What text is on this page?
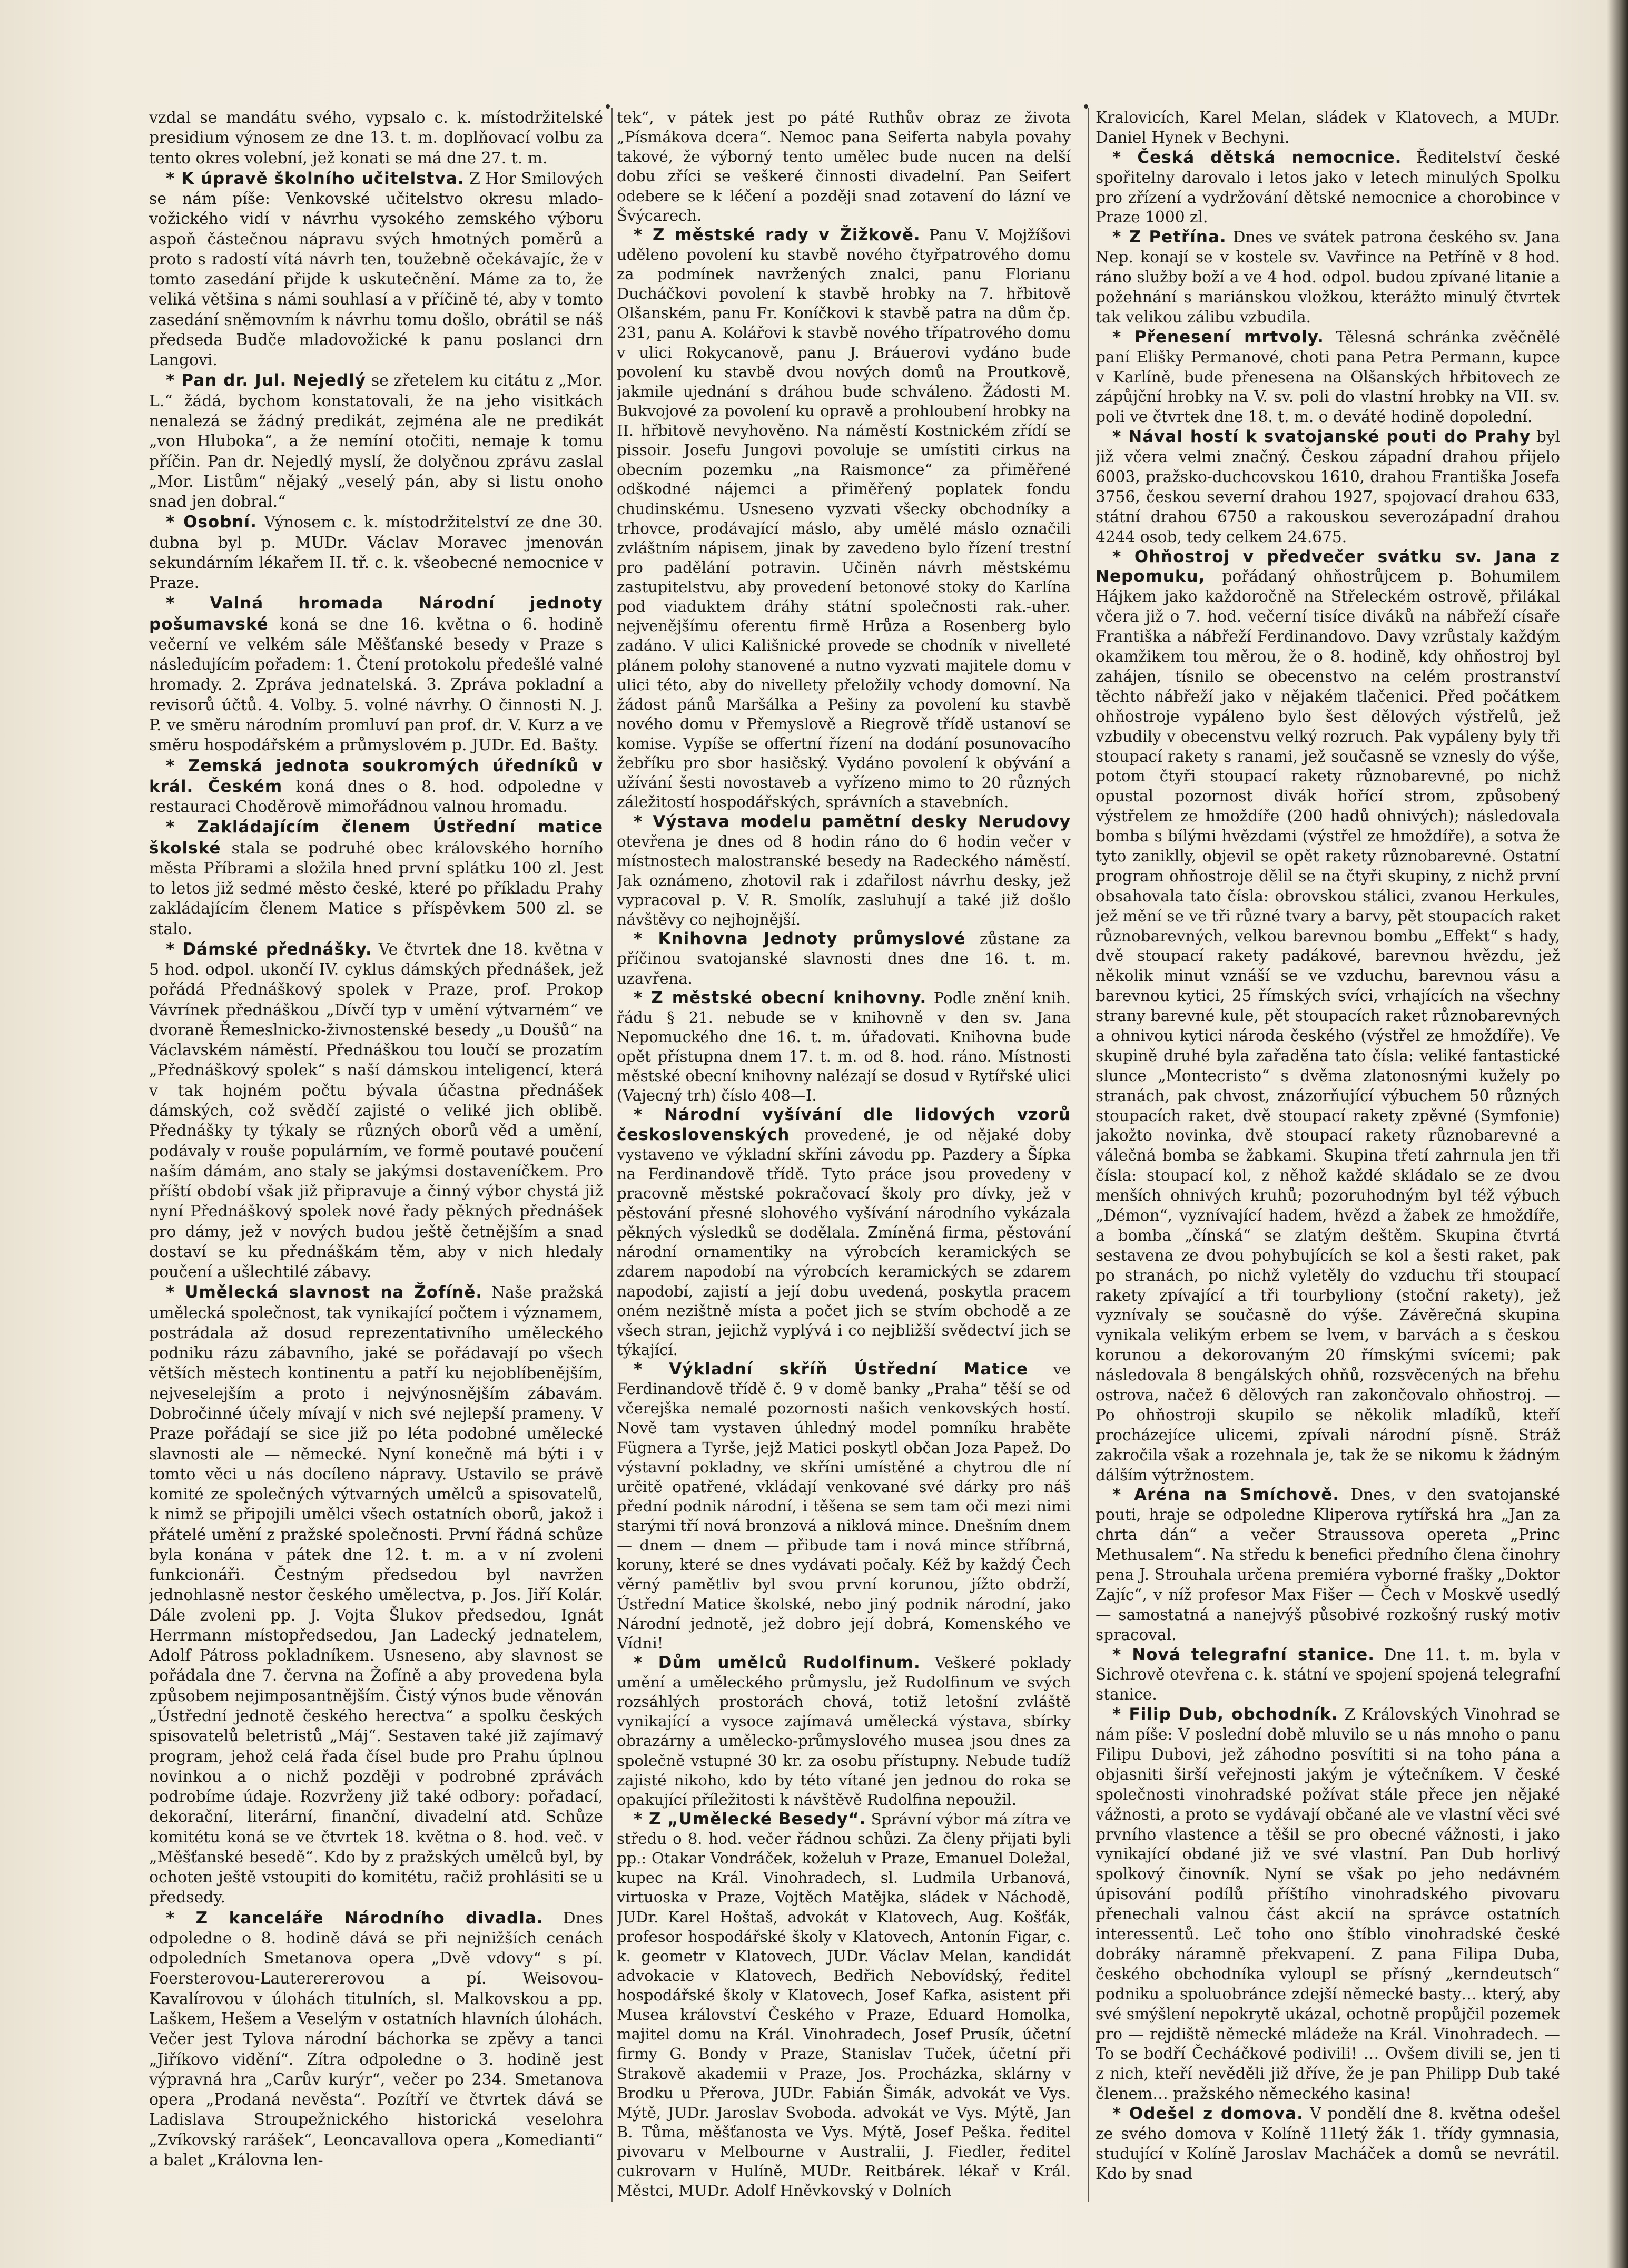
vzdal se mandátu svého, vypsalo c. k. místodržitelské presidium výnosem ze dne 13. t. m. doplňovací volbu za tento okres volební, jež konati se má dne 27. t. m.

* K úpravě školního učitelstva. Z Hor Smilových se nám píše: Venkovské učitelstvo okresu mlado-vožického vidí v návrhu vysokého zemského výboru aspoň částečnou nápravu svých hmotných poměrů a proto s radostí vítá návrh ten, toužebně očekávajíc, že v tomto zasedání přijde k uskutečnění. Máme za to, že veliká většina s námi souhlasí a v příčině té, aby v tomto zasedání sněmovním k návrhu tomu došlo, obrátil se náš předseda Budče mladovožické k panu poslanci drn Langovi.

* Pan dr. Jul. Nejedlý se zřetelem ku citátu z „Mor. L.“ žádá, bychom konstatovali, že na jeho visitkách nenalezá se žádný predikát, zejména ale ne predikát „von Hluboka“, a že nemíní otočiti, nemaje k tomu příčin. Pan dr. Nejedlý myslí, že dolyčnou zprávu zaslal „Mor. Listům“ nějaký „veselý pán, aby si listu onoho snad jen dobral.“

* Osobní. Výnosem c. k. místodržitelství ze dne 30. dubna byl p. MUDr. Václav Moravec jmenován sekundárním lékařem II. tř. c. k. všeobecné nemocnice v Praze.

* Valná hromada Národní jednoty pošumavské koná se dne 16. května o 6. hodině večerní ve velkém sále Měšťanské besedy v Praze s následujícím pořadem: 1. Čtení protokolu předešlé valné hromady. 2. Zpráva jednatelská. 3. Zpráva pokladní a revisorů účtů. 4. Volby. 5. volné návrhy. O činnosti N. J. P. ve směru národním promluví pan prof. dr. V. Kurz a ve směru hospodářském a průmyslovém p. JUDr. Ed. Bašty.

* Zemská jednota soukromých úředníků v král. Českém koná dnes o 8. hod. odpoledne v restauraci Choděrově mimořádnou valnou hromadu.

* Zakládajícím členem Ústřední matice školské stala se podruhé obec královského horního města Příbrami a složila hned první splátku 100 zl. Jest to letos již sedmé město české, které po příkladu Prahy zakládajícím členem Matice s příspěvkem 500 zl. se stalo.

* Dámské přednášky. Ve čtvrtek dne 18. května v 5 hod. odpol. ukončí IV. cyklus dámských přednášek, jež pořádá Přednáškový spolek v Praze, prof. Prokop Vávrínek přednáškou „Dívčí typ v umění výtvarném“ ve dvoraně Řemeslnicko-živnostenské besedy „u Doušů“ na Václavském náměstí. Přednáškou tou loučí se prozatím „Přednáškový spolek“ s naší dámskou inteligencí, která v tak hojném počtu bývala účastna přednášek dámských, což svědčí zajisté o veliké jich oblibě. Přednášky ty týkaly se různých oborů věd a umění, podávaly v rouše populárním, ve formě poutavé poučení naším dámám, ano staly se jakýmsi dostaveníčkem. Pro příští období však již připravuje a činný výbor chystá již nyní Přednáškový spolek nové řady pěkných přednášek pro dámy, jež v nových budou ještě četnějším a snad dostaví se ku přednáškám těm, aby v nich hledaly poučení a ušlechtilé zábavy.

* Umělecká slavnost na Žofíně. Naše pražská umělecká společnost, tak vynikající počtem i významem, postrádala až dosud reprezentativního uměleckého podniku rázu zábavního, jaké se pořádavají po všech větších městech kontinentu a patří ku nejoblíbenějším, nejveselejším a proto i nejvýnosnějším zábavám. Dobročinné účely mívají v nich své nejlepší prameny. V Praze pořádají se sice již po léta podobné umělecké slavnosti ale — německé. Nyní konečně má býti i v tomto věci u nás docíleno nápravy. Ustavilo se právě komité ze společných výtvarných umělců a spisovatelů, k nimž se připojili umělci všech ostatních oborů, jakož i přátelé umění z pražské společnosti. První řádná schůze byla konána v pátek dne 12. t. m. a v ní zvoleni funkcionáři. Čestným předsedou byl navržen jednohlasně nestor českého umělectva, p. Jos. Jiří Kolár. Dále zvoleni pp. J. Vojta Šlukov předsedou, Ignát Herrmann místopředsedou, Jan Ladecký jednatelem, Adolf Pátross pokladníkem. Usneseno, aby slavnost se pořádala dne 7. června na Žofíně a aby provedena byla způsobem nejimposantnějším. Čistý výnos bude věnován „Ústřední jednotě českého herectva“ a spolku českých spisovatelů beletristů „Máj“. Sestaven také již zajímavý program, jehož celá řada čísel bude pro Prahu úplnou novinkou a o nichž později v podrobné zprávách podrobíme údaje. Rozvrženy již také odbory: pořadací, dekorační, literární, finanční, divadelní atd. Schůze komitétu koná se ve čtvrtek 18. května o 8. hod. več. v „Měšťanské besedě“. Kdo by z pražských umělců byl, by ochoten ještě vstoupiti do komitétu, račiž prohlásiti se u předsedy.

* Z kanceláře Národního divadla. Dnes odpoledne o 8. hodině dává se při nejnižších cenách odpoledních Smetanova opera „Dvě vdovy“ s pí. Foersterovou-Lauterererovou a pí. Weisovou-Kavalírovou v úlohách titulních, sl. Malkovskou a pp. Laškem, Hešem a Veselým v ostatních hlavních úlohách. Večer jest Tylova národní báchorka se zpěvy a tanci „Jiříkovo vidění“. Zítra odpoledne o 3. hodině jest výpravná hra „Carův kurýr“, večer po 234. Smetanova opera „Prodaná nevěsta“. Pozítří ve čtvrtek dává se Ladislava Stroupežnického historická veselohra „Zvíkovský rarášek“, Leoncavallova opera „Komedianti“ a balet „Královna len-

tek“, v pátek jest po páté Ruthův obraz ze života „Písmákova dcera“. Nemoc pana Seiferta nabyla povahy takové, že výborný tento umělec bude nucen na delší dobu zříci se veškeré činnosti divadelní. Pan Seifert odebere se k léčení a později snad zotavení do lázní ve Švýcarech.

* Z městské rady v Žižkově. Panu V. Mojžíšovi uděleno povolení ku stavbě nového čtyřpatrového domu za podmínek navržených znalci, panu Florianu Ducháčkovi povolení k stavbě hrobky na 7. hřbitově Olšanském, panu Fr. Koníčkovi k stavbě patra na dům čp. 231, panu A. Kolářovi k stavbě nového třípatrového domu v ulici Rokycanově, panu J. Bráuerovi vydáno bude povolení ku stavbě dvou nových domů na Proutkově, jakmile ujednání s dráhou bude schváleno. Žádosti M. Bukvojové za povolení ku opravě a prohloubení hrobky na II. hřbitově nevyhověno. Na náměstí Kostnickém zřídí se pissoir. Josefu Jungovi povoluje se umístiti cirkus na obecním pozemku „na Raismonce“ za přiměřené odškodné nájemci a přiměřený poplatek fondu chudinskému. Usneseno vyzvati všecky obchodníky a trhovce, prodávající máslo, aby umělé máslo označili zvláštním nápisem, jinak by zavedeno bylo řízení trestní pro padělání potravin. Učiněn návrh městskému zastupitelstvu, aby provedení betonové stoky do Karlína pod viaduktem dráhy státní společnosti rak.-uher. nejvenějšímu oferentu firmě Hrůza a Rosenberg bylo zadáno. V ulici Kališnické provede se chodník v nivelleté plánem polohy stanovené a nutno vyzvati majitele domu v ulici této, aby do nivellety přeložily vchody domovní. Na žádost pánů Maršálka a Pešiny za povolení ku stavbě nového domu v Přemyslově a Riegrově třídě ustanoví se komise. Vypíše se offertní řízení na dodání posunovacího žebříku pro sbor hasičský. Vydáno povolení k obývání a užívání šesti novostaveb a vyřízeno mimo to 20 různých záležitostí hospodářských, správních a stavebních.

* Výstava modelu pamětní desky Nerudovy otevřena je dnes od 8 hodin ráno do 6 hodin večer v místnostech malostranské besedy na Radeckého náměstí. Jak oznámeno, zhotovil rak i zdařilost návrhu desky, jež vypracoval p. V. R. Smolík, zasluhují a také již došlo návštěvy co nejhojnější.

* Knihovna Jednoty průmyslové zůstane za příčinou svatojanské slavnosti dnes dne 16. t. m. uzavřena.

* Z městské obecní knihovny. Podle znění knih. řádu § 21. nebude se v knihovně v den sv. Jana Nepomuckého dne 16. t. m. úřadovati. Knihovna bude opět přístupna dnem 17. t. m. od 8. hod. ráno. Místnosti městské obecní knihovny nalézají se dosud v Rytířské ulici (Vajecný trh) číslo 408—I.

* Národní vyšívání dle lidových vzorů československých provedené, je od nějaké doby vystaveno ve výkladní skříni závodu pp. Pazdery a Šípka na Ferdinandově třídě. Tyto práce jsou provedeny v pracovně městské pokračovací školy pro dívky, jež v pěstování přesné slohového vyšívání národního vykázala pěkných výsledků se dodělala. Zmíněná firma, pěstování národní ornamentiky na výrobcích keramických se zdarem napodobí na výrobcích keramických se zdarem napodobí, zajistí a její dobu uvedená, poskytla pracem oném nezištně místa a počet jich se stvím obchodě a ze všech stran, jejichž vyplývá i co nejbližší svědectví jich se týkající.

* Výkladní skříň Ústřední Matice ve Ferdinandově třídě č. 9 v domě banky „Praha“ těší se od včerejška nemalé pozornosti našich venkovských hostí. Nově tam vystaven úhledný model pomníku hraběte Fügnera a Tyrše, jejž Matici poskytl občan Joza Papež. Do výstavní pokladny, ve skříni umístěné a chytrou dle ní určitě opatřené, vkládají venkované své dárky pro náš přední podnik národní, i těšena se sem tam oči mezi nimi starými tří nová bronzová a niklová mince. Dnešním dnem — dnem — dnem — přibude tam i nová mince stříbrná, koruny, které se dnes vydávati počaly. Kéž by každý Čech věrný pamětliv byl svou první korunou, jížto obdrží, Ústřední Matice školské, nebo jiný podnik národní, jako Národní jednotě, jež dobro její dobrá, Komenského ve Vídni!

* Dům umělců Rudolfinum. Veškeré poklady umění a uměleckého průmyslu, jež Rudolfinum ve svých rozsáhlých prostorách chová, totiž letošní zvláště vynikající a vysoce zajímavá umělecká výstava, sbírky obrazárny a umělecko-průmyslového musea jsou dnes za společně vstupné 30 kr. za osobu přístupny. Nebude tudíž zajisté nikoho, kdo by této vítané jen jednou do roka se opakující příležitosti k návštěvě Rudolfina nepoužil.

* Z „Umělecké Besedy“. Správní výbor má zítra ve středu o 8. hod. večer řádnou schůzi. Za členy přijati byli pp.: Otakar Vondráček, koželuh v Praze, Emanuel Doležal, kupec na Král. Vinohradech, sl. Ludmila Urbanová, virtuoska v Praze, Vojtěch Matějka, sládek v Náchodě, JUDr. Karel Hoštaš, advokát v Klatovech, Aug. Košťák, profesor hospodářské školy v Klatovech, Antonín Figar, c. k. geometr v Klatovech, JUDr. Václav Melan, kandidát advokacie v Klatovech, Bedřich Nebovídský, ředitel hospodářské školy v Klatovech, Josef Kafka, asistent při Musea království Českého v Praze, Eduard Homolka, majitel domu na Král. Vinohradech, Josef Prusík, účetní firmy G. Bondy v Praze, Stanislav Tuček, účetní při Strakově akademii v Praze, Jos. Procházka, sklárny v Brodku u Přerova, JUDr. Fabián Šimák, advokát ve Vys. Mýtě, JUDr. Jaroslav Svoboda. advokát ve Vys. Mýtě, Jan B. Tůma, měšťanosta ve Vys. Mýtě, Josef Peška. ředitel pivovaru v Melbourne v Australii, J. Fiedler, ředitel cukrovarn v Hulíně, MUDr. Reitbárek. lékař v Král. Městci, MUDr. Adolf Hněvkovský v Dolních

Kralovicích, Karel Melan, sládek v Klatovech, a MUDr. Daniel Hynek v Bechyni.

* Česká dětská nemocnice. Ředitelství české spořitelny darovalo i letos jako v letech minulých Spolku pro zřízení a vydržování dětské nemocnice a chorobince v Praze 1000 zl.

* Z Petřína. Dnes ve svátek patrona českého sv. Jana Nep. konají se v kostele sv. Vavřince na Petříně v 8 hod. ráno služby boží a ve 4 hod. odpol. budou zpívané litanie a požehnání s mariánskou vložkou, kterážto minulý čtvrtek tak velikou zálibu vzbudila.

* Přenesení mrtvoly. Tělesná schránka zvěčnělé paní Elišky Permanové, choti pana Petra Permann, kupce v Karlíně, bude přenesena na Olšanských hřbitovech ze zápůjční hrobky na V. sv. poli do vlastní hrobky na VII. sv. poli ve čtvrtek dne 18. t. m. o deváté hodině dopolední.

* NávaI hostí k svatojanské pouti do Prahy byl již včera velmi značný. Českou západní drahou přijelo 6003, pražsko-duchcovskou 1610, drahou Františka Josefa 3756, českou severní drahou 1927, spojovací drahou 633, státní drahou 6750 a rakouskou severozápadní drahou 4244 osob, tedy celkem 24.675.

* Ohňostroj v předvečer svátku sv. Jana z Nepomuku, pořádaný ohňostrůjcem p. Bohumilem Hájkem jako každoročně na Střeleckém ostrově, přilákal včera již o 7. hod. večerní tisíce diváků na nábřeží císaře Františka a nábřeží Ferdinandovo. Davy vzrůstaly každým okamžikem tou měrou, že o 8. hodině, kdy ohňostroj byl zahájen, tísnilo se obecenstvo na celém prostranství těchto nábřeží jako v nějakém tlačenici. Před počátkem ohňostroje vypáleno bylo šest dělových výstřelů, jež vzbudily v obecenstvu velký rozruch. Pak vypáleny byly tři stoupací rakety s ranami, jež současně se vznesly do výše, potom čtyři stoupací rakety různobarevné, po nichž opustal pozornost divák hořící strom, způsobený výstřelem ze hmoždíře (200 hadů ohnivých); následovala bomba s bílými hvězdami (výstřel ze hmoždíře), a sotva že tyto zaniklly, objevil se opět rakety různobarevné. Ostatní program ohňostroje dělil se na čtyři skupiny, z nichž první obsahovala tato čísla: obrovskou stálici, zvanou Herkules, jež mění se ve tři různé tvary a barvy, pět stoupacích raket různobarevných, velkou barevnou bombu „Effekt“ s hady, dvě stoupací rakety padákové, barevnou hvězdu, jež několik minut vznáší se ve vzduchu, barevnou vásu a barevnou kytici, 25 římských svíci, vrhajících na všechny strany barevné kule, pět stoupacích raket různobarevných a ohnivou kytici národa českého (výstřel ze hmoždíře). Ve skupině druhé byla zařaděna tato čísla: veliké fantastické slunce „Montecristo“ s dvěma zlatonosnými kužely po stranách, pak chvost, znázorňující výbuchem 50 různých stoupacích raket, dvě stoupací rakety zpěvné (Symfonie) jakožto novinka, dvě stoupací rakety různobarevné a válečná bomba se žabkami. Skupina třetí zahrnula jen tři čísla: stoupací kol, z něhož každé skládalo se ze dvou menších ohnivých kruhů; pozoruhodným byl též výbuch „Démon“, vyznívající hadem, hvězd a žabek ze hmoždíře, a bomba „čínská“ se zlatým deštěm. Skupina čtvrtá sestavena ze dvou pohybujících se kol a šesti raket, pak po stranách, po nichž vyletěly do vzduchu tři stoupací rakety zpívající a tři tourbyliony (stoční rakety), jež vyznívaly se současně do výše. Závěrečná skupina vynikala velikým erbem se lvem, v barvách a s českou korunou a dekorovaným 20 římskými svícemi; pak následovala 8 bengálských ohňů, rozsvěcených na břehu ostrova, načež 6 dělových ran zakončovalo ohňostroj. — Po ohňostroji skupilo se několik mladíků, kteří procházejíce ulicemi, zpívali národní písně. Stráž zakročila však a rozehnala je, tak že se nikomu k žádným dálším výtržnostem.

* Aréna na Smíchově. Dnes, v den svatojanské pouti, hraje se odpoledne Kliperova rytířská hra „Jan za chrta dán“ a večer Straussova opereta „Princ Methusalem“. Na středu k benefici předního člena činohry pena J. Strouhala určena premiéra vyborné frašky „Doktor Zajíc“, v níž profesor Max Fišer — Čech v Moskvě usedlý — samostatná a nanejvýš působivé rozkošný ruský motiv spracoval.

* Nová telegrafní stanice. Dne 11. t. m. byla v Sichrově otevřena c. k. státní ve spojení spojená telegrafní stanice.

* Filip Dub, obchodník. Z Královských Vinohrad se nám píše: V poslední době mluvilo se u nás mnoho o panu Filipu Dubovi, jež záhodno posvítiti si na toho pána a objasniti širší veřejnosti jakým je výtečníkem. V české společnosti vinohradské požívat stále přece jen nějaké vážnosti, a proto se vydávají občané ale ve vlastní věci své prvního vlastence a těšil se pro obecné vážnosti, i jako vynikající obdané již ve své vlastní. Pan Dub horlivý spolkový činovník. Nyní se však po jeho nedávném úpisování podílů příštího vinohradského pivovaru přenechali valnou část akcií na správce ostatních interessentů. Leč toho ono štíblo vinohradské české dobráky náramně překvapení. Z pana Filipa Duba, českého obchodníka vyloupl se přísný „kerndeutsch“ podniku a spoluobránce zdejší německé basty… který, aby své smýšlení nepokrytě ukázal, ochotně propůjčil pozemek pro — rejdiště německé mládeže na Král. Vinohradech. — To se bodří Čecháčkové podivili! … Ovšem divili se, jen ti z nich, kteří nevěděli již dříve, že je pan Philipp Dub také členem… pražského německého kasina!

* Odešel z domova. V pondělí dne 8. května odešel ze svého domova v Kolíně 11letý žák 1. třídy gymnasia, studující v Kolíně Jaroslav Macháček a domů se nevrátil. Kdo by snad
